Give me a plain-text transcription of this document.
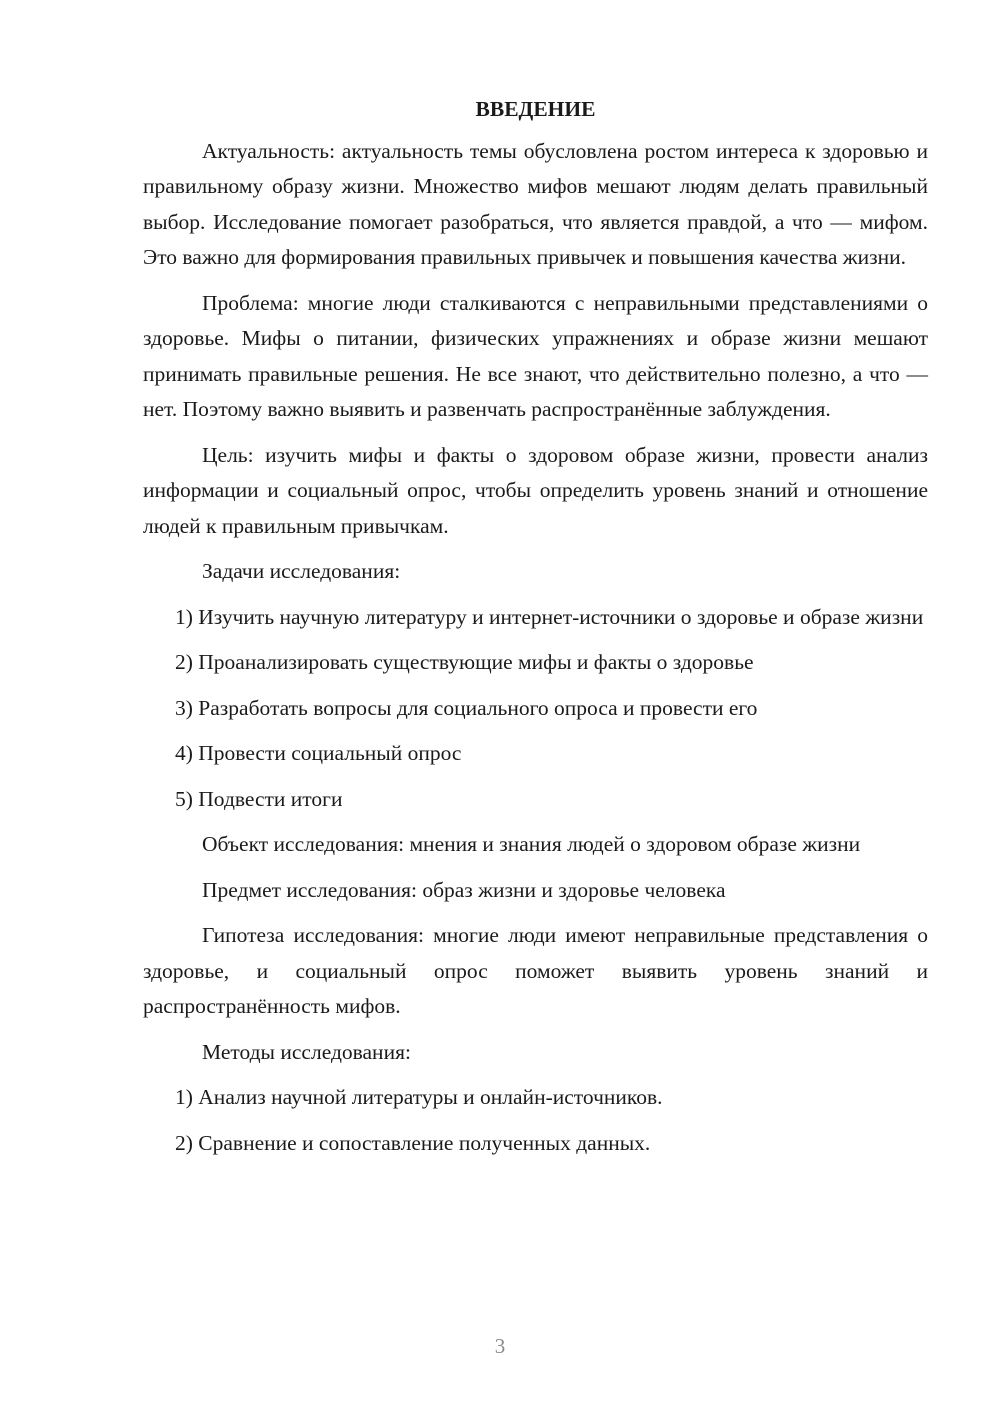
ВВЕДЕНИЕ
Актуальность: актуальность темы обусловлена ростом интереса к здоровью и правильному образу жизни. Множество мифов мешают людям делать правильный выбор. Исследование помогает разобраться, что является правдой, а что — мифом. Это важно для формирования правильных привычек и повышения качества жизни.
Проблема: многие люди сталкиваются с неправильными представлениями о здоровье. Мифы о питании, физических упражнениях и образе жизни мешают принимать правильные решения. Не все знают, что действительно полезно, а что — нет. Поэтому важно выявить и развенчать распространённые заблуждения.
Цель: изучить мифы и факты о здоровом образе жизни, провести анализ информации и социальный опрос, чтобы определить уровень знаний и отношение людей к правильным привычкам.
Задачи исследования:
1) Изучить научную литературу и интернет-источники о здоровье и образе жизни
2) Проанализировать существующие мифы и факты о здоровье
3) Разработать вопросы для социального опроса и провести его
4) Провести социальный опрос
5) Подвести итоги
Объект исследования: мнения и знания людей о здоровом образе жизни
Предмет исследования: образ жизни и здоровье человека
Гипотеза исследования: многие люди имеют неправильные представления о здоровье, и социальный опрос поможет выявить уровень знаний и распространённость мифов.
Методы исследования:
1) Анализ научной литературы и онлайн-источников.
2) Сравнение и сопоставление полученных данных.
3
